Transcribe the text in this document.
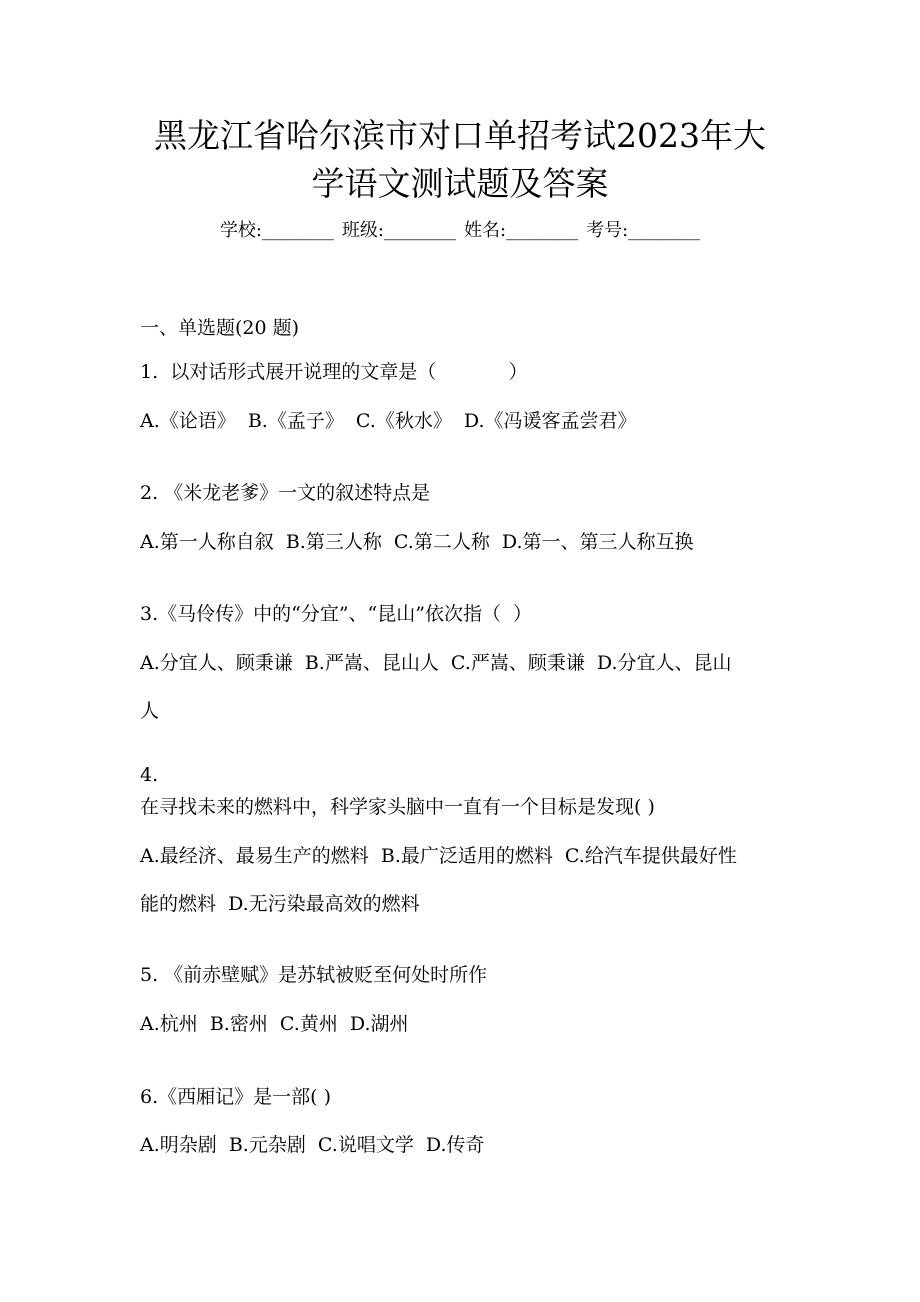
黑龙江省哈尔滨市对口单招考试2023年大
学语文测试题及答案
学校:________ 班级:________ 姓名:________ 考号:________
一、单选题(20 题)
1.  以对话形式展开说理的文章是（            ）
A.《论语》  B.《孟子》  C.《秋水》  D.《冯谖客孟尝君》
2. 《米龙老爹》一文的叙述特点是
A.第一人称自叙  B.第三人称  C.第二人称  D.第一、第三人称互换
3.《马伶传》中的“分宜”、“昆山”依次指（  ）
A.分宜人、顾秉谦  B.严嵩、昆山人  C.严嵩、顾秉谦  D.分宜人、昆山
人
4.
在寻找未来的燃料中，科学家头脑中一直有一个目标是发现( )
A.最经济、最易生产的燃料  B.最广泛适用的燃料  C.给汽车提供最好性
能的燃料  D.无污染最高效的燃料
5. 《前赤壁赋》是苏轼被贬至何处时所作
A.杭州  B.密州  C.黄州  D.湖州
6.《西厢记》是一部( )
A.明杂剧  B.元杂剧  C.说唱文学  D.传奇
